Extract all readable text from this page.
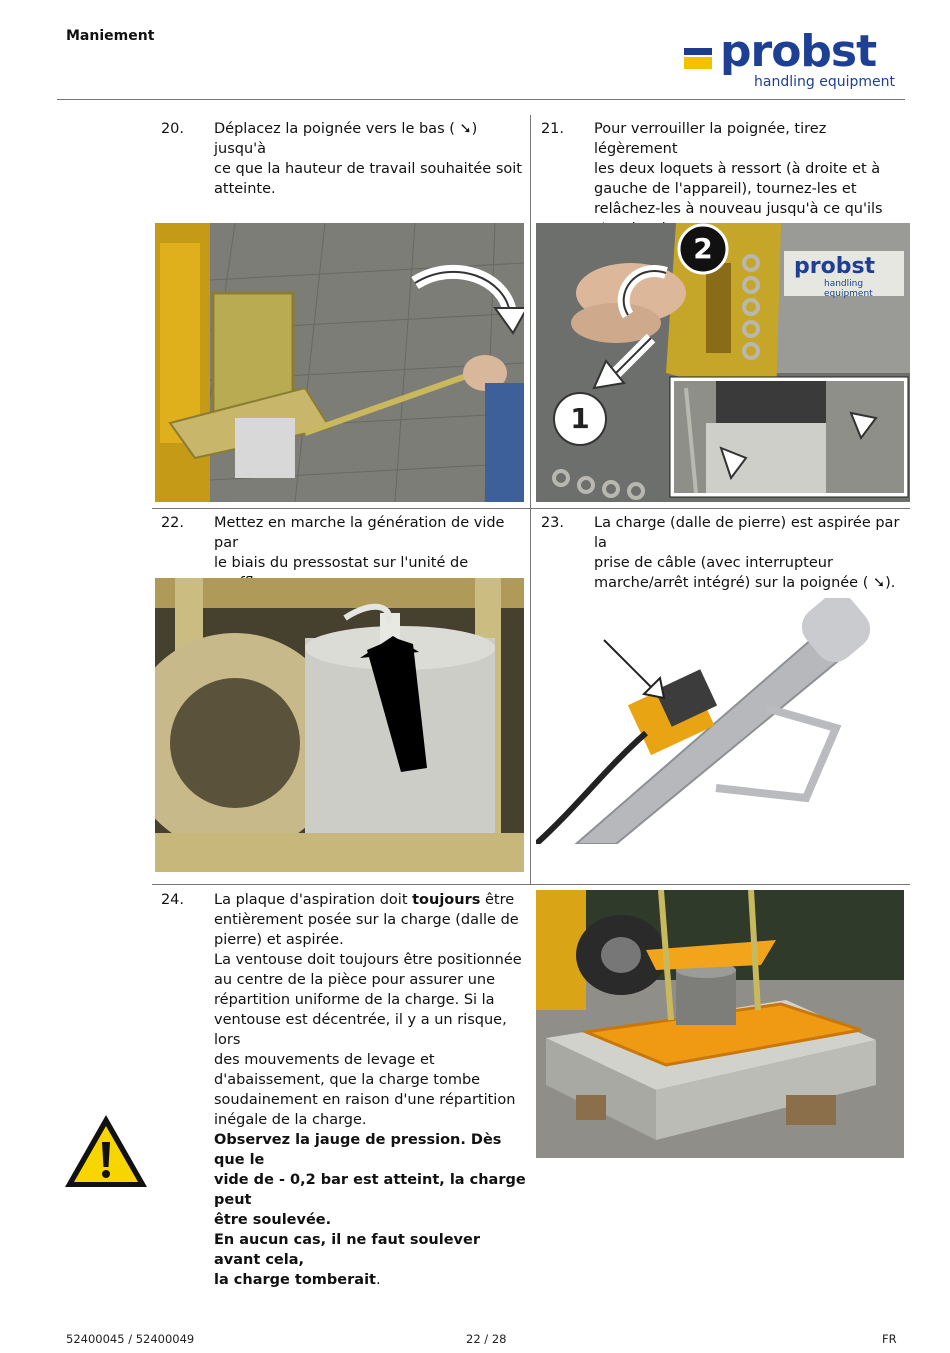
Maniement	probst
handling equipment
20. Déplacez la poignée vers le bas ( ➘) jusqu'à
ce que la hauteur de travail souhaitée soit
atteinte.
21. Pour verrouiller la poignée, tirez légèrement
les deux loquets à ressort (à droite et à
gauche de l'appareil), tournez-les et
relâchez-les à nouveau jusqu'à ce qu'ils
2
1
probst
handling equipment
22. Mettez en marche la génération de vide par
le biais du pressostat sur l'unité de
23. La charge (dalle de pierre) est aspirée par la
prise de câble (avec interrupteur
marche/arrêt intégré) sur la poignée ( ➘).
24. La plaque d'aspiration doit toujours être
entièrement posée sur la charge (dalle de
pierre) et aspirée.
La ventouse doit toujours être positionnée
au centre de la pièce pour assurer une
répartition uniforme de la charge. Si la
ventouse est décentrée, il y a un risque, lors
des mouvements de levage et
d'abaissement, que la charge tombe
soudainement en raison d'une répartition
inégale de la charge.
Observez la jauge de pression. Dès que le
vide de - 0,2 bar est atteint, la charge peut
être soulevée.
En aucun cas, il ne faut soulever avant cela,
la charge tomberait.
52400045 / 52400049	22 / 28	FR
